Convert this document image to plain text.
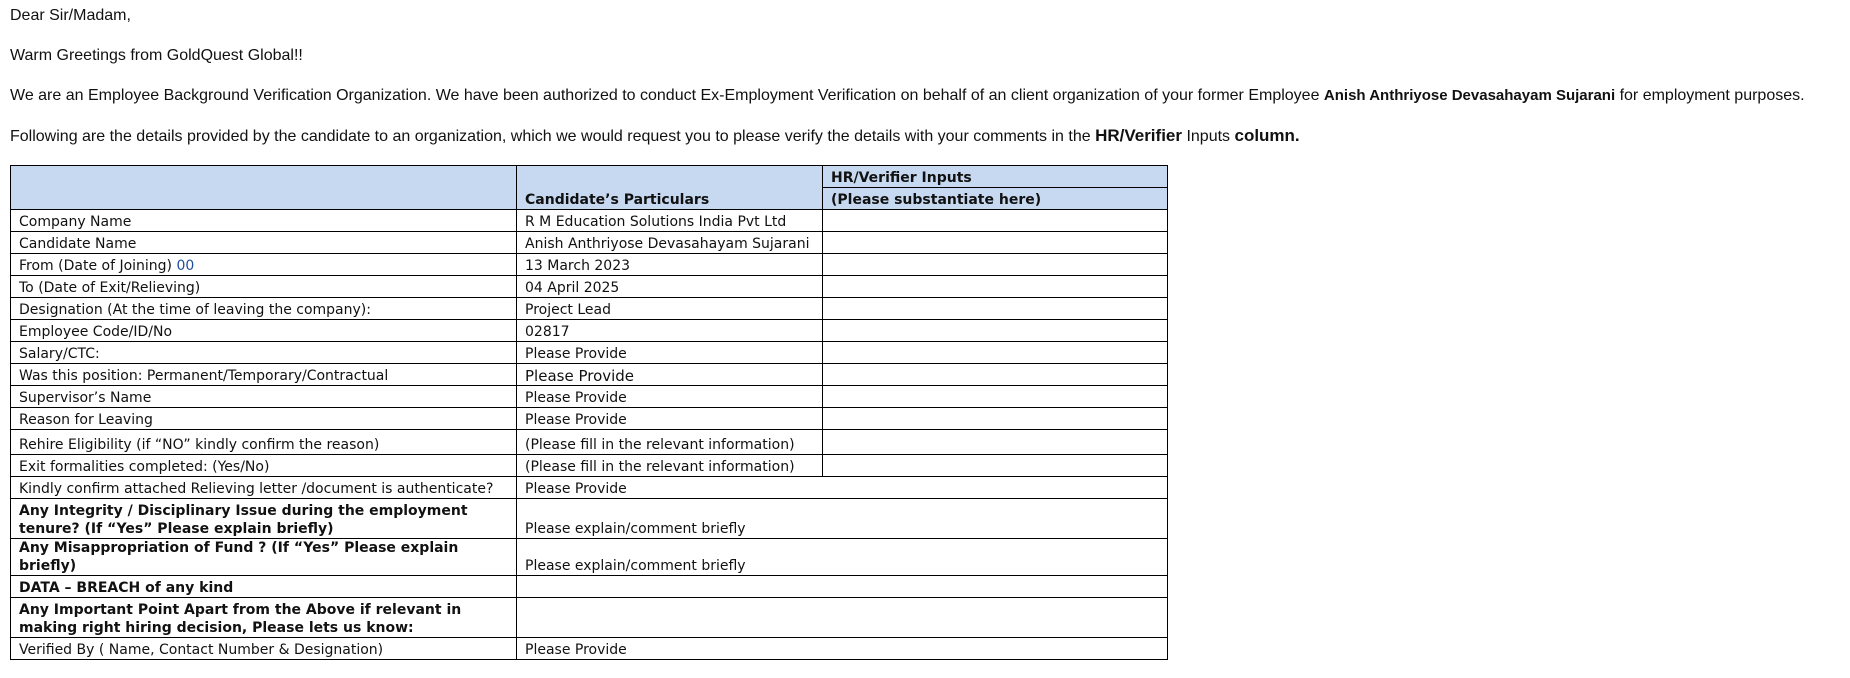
Dear Sir/Madam,

Warm Greetings from GoldQuest Global!!

We are an Employee Background Verification Organization. We have been authorized to conduct Ex-Employment Verification on behalf of an client organization of your former Employee Anish Anthriyose Devasahayam Sujarani for employment purposes.

Following are the details provided by the candidate to an organization, which we would request you to please verify the details with your comments in the HR/Verifier Inputs column.

	Candidate’s Particulars	HR/Verifier Inputs
		(Please substantiate here)
Company Name	R M Education Solutions India Pvt Ltd	
Candidate Name	Anish Anthriyose Devasahayam Sujarani	
From (Date of Joining) 00	13 March 2023	
To (Date of Exit/Relieving)	04 April 2025	
Designation (At the time of leaving the company):	Project Lead	
Employee Code/ID/No	02817	
Salary/CTC:	Please Provide	
Was this position: Permanent/Temporary/Contractual	Please Provide	
Supervisor’s Name	Please Provide	
Reason for Leaving	Please Provide	
Rehire Eligibility (if “NO” kindly confirm the reason)	(Please fill in the relevant information)	
Exit formalities completed: (Yes/No)	(Please fill in the relevant information)	
Kindly confirm attached Relieving letter /document is authenticate?	Please Provide	
Any Integrity / Disciplinary Issue during the employment tenure? (If “Yes” Please explain briefly)	Please explain/comment briefly	
Any Misappropriation of Fund ? (If “Yes” Please explain briefly)	Please explain/comment briefly	
DATA – BREACH of any kind		
Any Important Point Apart from the Above if relevant in making right hiring decision, Please lets us know:		
Verified By ( Name, Contact Number & Designation)	Please Provide	
